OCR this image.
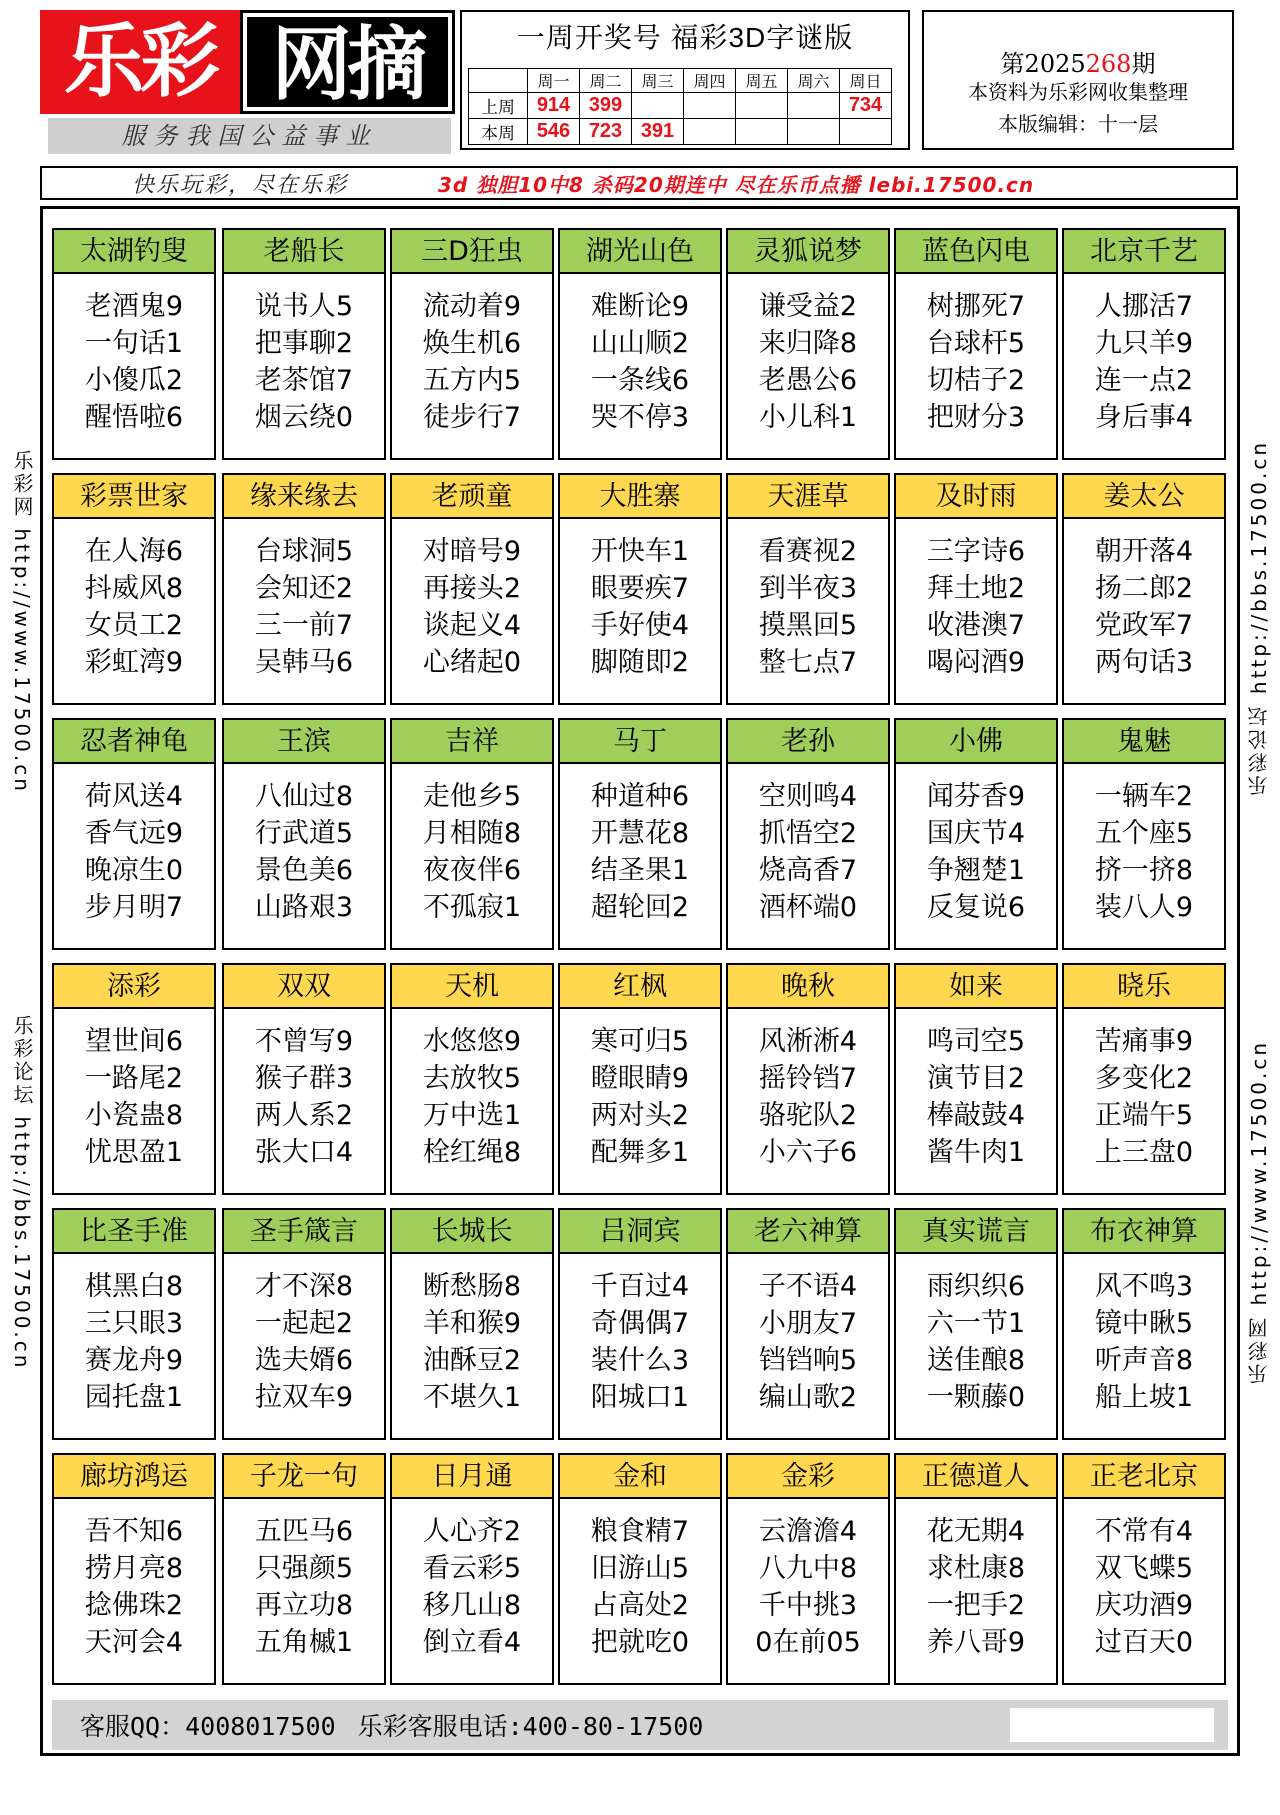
乐彩 网摘
服务我国公益事业
一周开奖号 福彩3D字谜版
	周一	周二	周三	周四	周五	周六	周日
上周	914	399					734
本周	546	723	391				
第2025268期
本资料为乐彩网收集整理
本版编辑：十一层
快乐玩彩，尽在乐彩	3d 独胆10中8 杀码20期连中 尽在乐币点播 lebi.17500.cn
乐彩网 http://www.17500.cn
乐彩论坛 http://bbs.17500.cn
乐彩论坛 http://bbs.17500.cn
乐彩网 http://www.17500.cn
太湖钓叟
老酒鬼9
一句话1
小傻瓜2
醒悟啦6
老船长
说书人5
把事聊2
老茶馆7
烟云绕0
三D狂虫
流动着9
焕生机6
五方内5
徒步行7
湖光山色
难断论9
山山顺2
一条线6
哭不停3
灵狐说梦
谦受益2
来归降8
老愚公6
小儿科1
蓝色闪电
树挪死7
台球杆5
切桔子2
把财分3
北京千艺
人挪活7
九只羊9
连一点2
身后事4
彩票世家
在人海6
抖威风8
女员工2
彩虹湾9
缘来缘去
台球洞5
会知还2
三一前7
吴韩马6
老顽童
对暗号9
再接头2
谈起义4
心绪起0
大胜寨
开快车1
眼要疾7
手好使4
脚随即2
天涯草
看赛视2
到半夜3
摸黑回5
整七点7
及时雨
三字诗6
拜土地2
收港澳7
喝闷酒9
姜太公
朝开落4
扬二郎2
党政军7
两句话3
忍者神龟
荷风送4
香气远9
晚凉生0
步月明7
王滨
八仙过8
行武道5
景色美6
山路艰3
吉祥
走他乡5
月相随8
夜夜伴6
不孤寂1
马丁
种道种6
开慧花8
结圣果1
超轮回2
老孙
空则鸣4
抓悟空2
烧高香7
酒杯端0
小佛
闻芬香9
国庆节4
争翘楚1
反复说6
鬼魅
一辆车2
五个座5
挤一挤8
装八人9
添彩
望世间6
一路尾2
小瓷蛊8
忧思盈1
双双
不曾写9
猴子群3
两人系2
张大口4
天机
水悠悠9
去放牧5
万中选1
栓红绳8
红枫
寒可归5
瞪眼睛9
两对头2
配舞多1
晚秋
风淅淅4
摇铃铛7
骆驼队2
小六子6
如来
鸣司空5
演节目2
棒敲鼓4
酱牛肉1
晓乐
苦痛事9
多变化2
正端午5
上三盘0
比圣手准
棋黑白8
三只眼3
赛龙舟9
园托盘1
圣手箴言
才不深8
一起起2
选夫婿6
拉双车9
长城长
断愁肠8
羊和猴9
油酥豆2
不堪久1
吕洞宾
千百过4
奇偶偶7
装什么3
阳城口1
老六神算
子不语4
小朋友7
铛铛响5
编山歌2
真实谎言
雨织织6
六一节1
送佳酿8
一颗藤0
布衣神算
风不鸣3
镜中瞅5
听声音8
船上坡1
廊坊鸿运
吾不知6
捞月亮8
捻佛珠2
天河会4
子龙一句
五匹马6
只强颜5
再立功8
五角槭1
日月通
人心齐2
看云彩5
移几山8
倒立看4
金和
粮食精7
旧游山5
占高处2
把就吃0
金彩
云澹澹4
八九中8
千中挑3
0在前05
正德道人
花无期4
求杜康8
一把手2
养八哥9
正老北京
不常有4
双飞蝶5
庆功酒9
过百天0
客服QQ：4008017500 乐彩客服电话:400-80-17500
